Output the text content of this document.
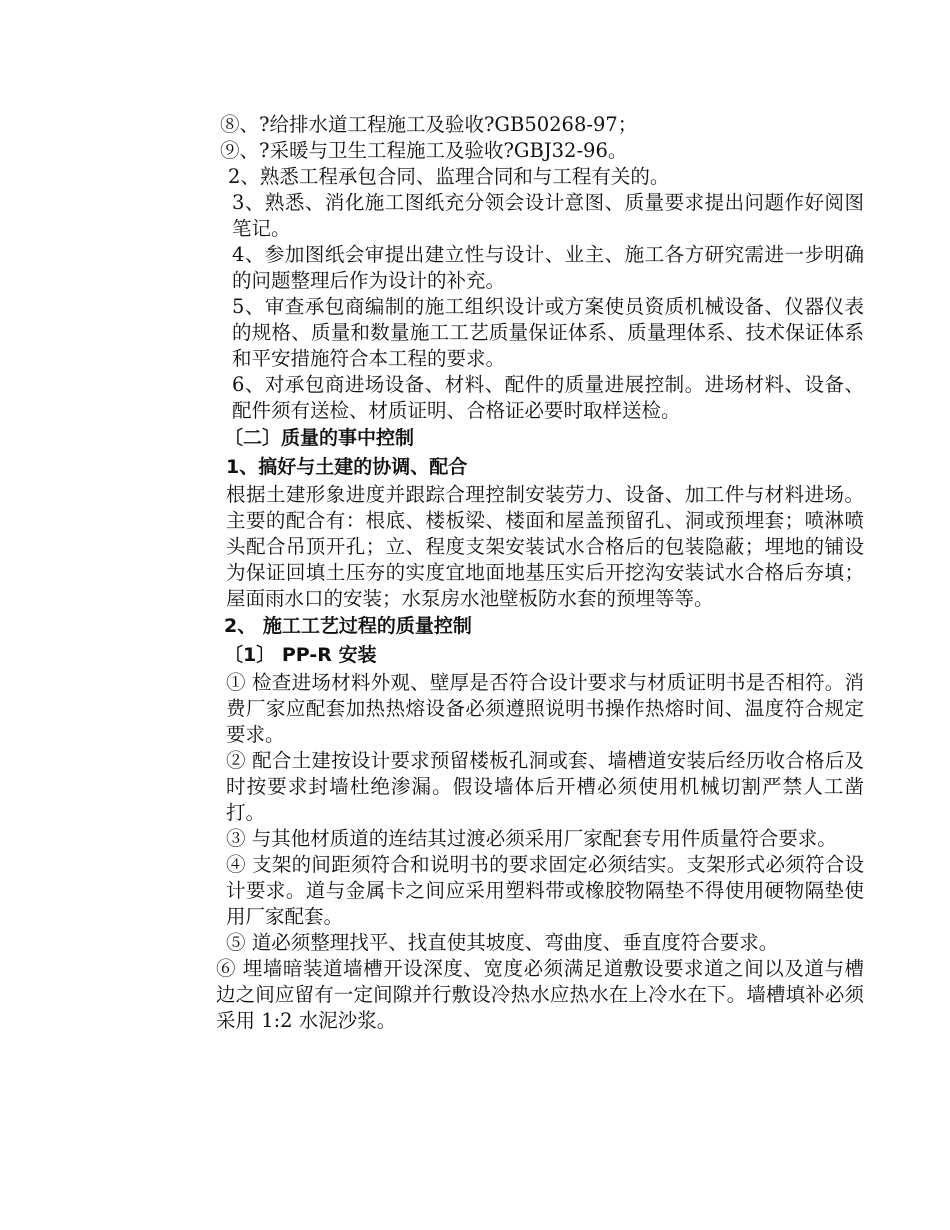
⑧、?给排水道工程施工及验收?GB50268-97；

⑨、?采暖与卫生工程施工及验收?GBJ32-96。

2、熟悉工程承包合同、监理合同和与工程有关的。

3、熟悉、消化施工图纸充分领会设计意图、质量要求提出问题作好阅图笔记。

4、参加图纸会审提出建立性与设计、业主、施工各方研究需进一步明确的问题整理后作为设计的补充。

5、审查承包商编制的施工组织设计或方案使员资质机械设备、仪器仪表的规格、质量和数量施工工艺质量保证体系、质量理体系、技术保证体系和平安措施符合本工程的要求。

6、对承包商进场设备、材料、配件的质量进展控制。进场材料、设备、配件须有送检、材质证明、合格证必要时取样送检。

〔二〕质量的事中控制

1、搞好与土建的协调、配合

根据土建形象进度并跟踪合理控制安装劳力、设备、加工件与材料进场。主要的配合有：根底、楼板梁、楼面和屋盖预留孔、洞或预埋套；喷淋喷头配合吊顶开孔；立、程度支架安装试水合格后的包装隐蔽；埋地的铺设为保证回填土压夯的实度宜地面地基压实后开挖沟安装试水合格后夯填；屋面雨水口的安装；水泵房水池壁板防水套的预埋等等。

2、 施工工艺过程的质量控制

〔1〕 PP-R 安装

① 检查进场材料外观、壁厚是否符合设计要求与材质证明书是否相符。消费厂家应配套加热热熔设备必须遵照说明书操作热熔时间、温度符合规定要求。

② 配合土建按设计要求预留楼板孔洞或套、墙槽道安装后经历收合格后及时按要求封墙杜绝渗漏。假设墙体后开槽必须使用机械切割严禁人工凿打。

③ 与其他材质道的连结其过渡必须采用厂家配套专用件质量符合要求。

④ 支架的间距须符合和说明书的要求固定必须结实。支架形式必须符合设计要求。道与金属卡之间应采用塑料带或橡胶物隔垫不得使用硬物隔垫使用厂家配套。

⑤ 道必须整理找平、找直使其坡度、弯曲度、垂直度符合要求。

⑥ 埋墙暗装道墙槽开设深度、宽度必须满足道敷设要求道之间以及道与槽边之间应留有一定间隙并行敷设冷热水应热水在上冷水在下。墙槽填补必须采用 1:2 水泥沙浆。
